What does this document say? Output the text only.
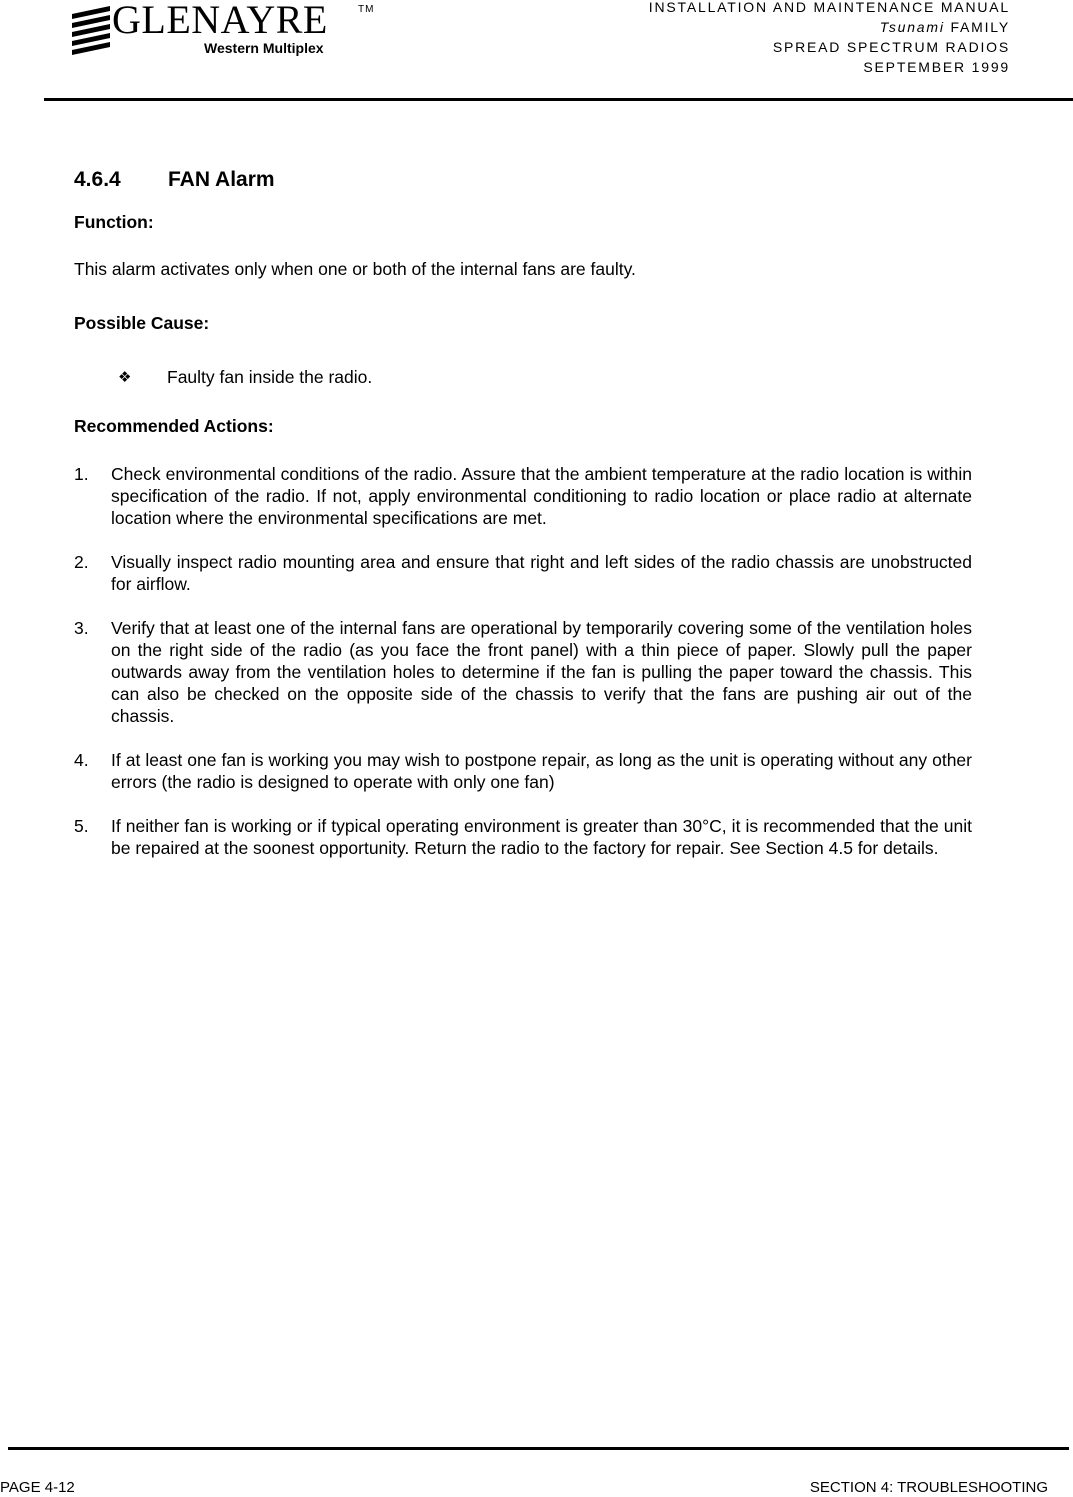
GLENAYRE	TM
Western Multiplex
INSTALLATION AND MAINTENANCE MANUAL
Tsunami FAMILY
SPREAD SPECTRUM RADIOS
SEPTEMBER 1999
4.6.4 FAN Alarm

Function:

This alarm activates only when one or both of the internal fans are faulty.

Possible Cause:

❖ Faulty fan inside the radio.

Recommended Actions:

1. Check environmental conditions of the radio. Assure that the ambient temperature at the radio location is within specification of the radio. If not, apply environmental conditioning to radio location or place radio at alternate location where the environmental specifications are met.
2. Visually inspect radio mounting area and ensure that right and left sides of the radio chassis are unobstructed for airflow.
3. Verify that at least one of the internal fans are operational by temporarily covering some of the ventilation holes on the right side of the radio (as you face the front panel) with a thin piece of paper. Slowly pull the paper outwards away from the ventilation holes to determine if the fan is pulling the paper toward the chassis. This can also be checked on the opposite side of the chassis to verify that the fans are pushing air out of the chassis.
4. If at least one fan is working you may wish to postpone repair, as long as the unit is operating without any other errors (the radio is designed to operate with only one fan)
5. If neither fan is working or if typical operating environment is greater than 30°C, it is recommended that the unit be repaired at the soonest opportunity. Return the radio to the factory for repair. See Section 4.5 for details.
PAGE 4-12	SECTION 4: TROUBLESHOOTING
